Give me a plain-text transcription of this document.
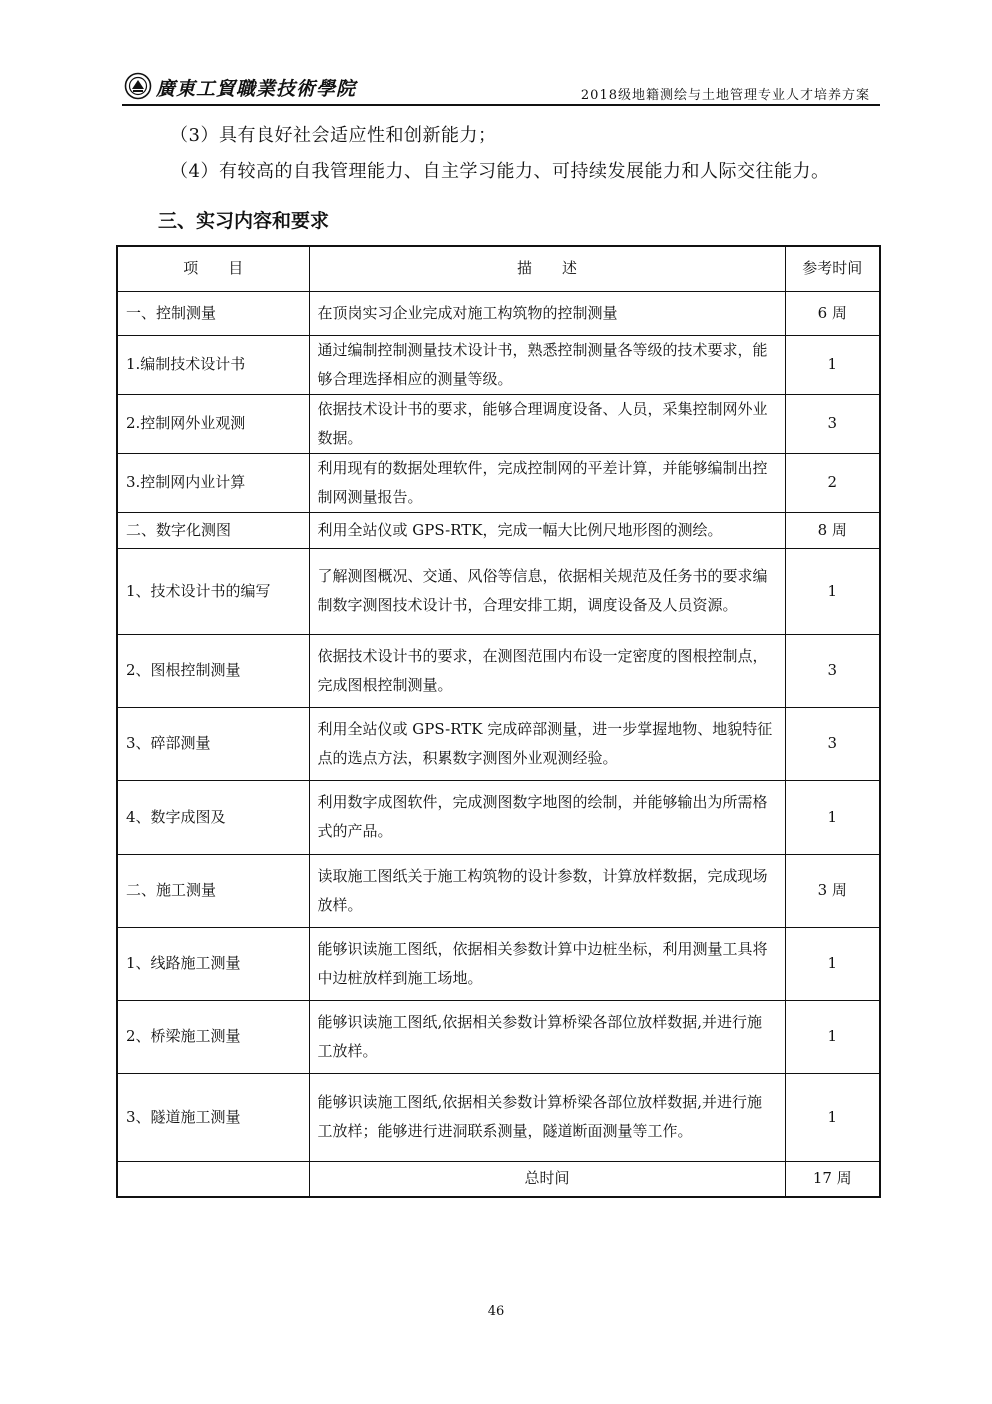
廣東工貿職業技術學院	2018级地籍测绘与土地管理专业人才培养方案
（3）具有良好社会适应性和创新能力；
（4）有较高的自我管理能力、自主学习能力、可持续发展能力和人际交往能力。
三、实习内容和要求
项　　目	描　　述	参考时间
一、控制测量	在顶岗实习企业完成对施工构筑物的控制测量	6 周
1.编制技术设计书	通过编制控制测量技术设计书，熟悉控制测量各等级的技术要求，能够合理选择相应的测量等级。	1
2.控制网外业观测	依据技术设计书的要求，能够合理调度设备、人员，采集控制网外业数据。	3
3.控制网内业计算	利用现有的数据处理软件，完成控制网的平差计算，并能够编制出控制网测量报告。	2
二、数字化测图	利用全站仪或 GPS-RTK，完成一幅大比例尺地形图的测绘。	8 周
1、技术设计书的编写	了解测图概况、交通、风俗等信息，依据相关规范及任务书的要求编制数字测图技术设计书，合理安排工期，调度设备及人员资源。	1
2、图根控制测量	依据技术设计书的要求，在测图范围内布设一定密度的图根控制点，完成图根控制测量。	3
3、碎部测量	利用全站仪或 GPS-RTK 完成碎部测量，进一步掌握地物、地貌特征点的选点方法，积累数字测图外业观测经验。	3
4、数字成图及	利用数字成图软件，完成测图数字地图的绘制，并能够输出为所需格式的产品。	1
二、施工测量	读取施工图纸关于施工构筑物的设计参数，计算放样数据，完成现场放样。	3 周
1、线路施工测量	能够识读施工图纸，依据相关参数计算中边桩坐标，利用测量工具将中边桩放样到施工场地。	1
2、桥梁施工测量	能够识读施工图纸,依据相关参数计算桥梁各部位放样数据,并进行施工放样。	1
3、隧道施工测量	能够识读施工图纸,依据相关参数计算桥梁各部位放样数据,并进行施工放样；能够进行进洞联系测量，隧道断面测量等工作。	1
	总时间	17 周
46
